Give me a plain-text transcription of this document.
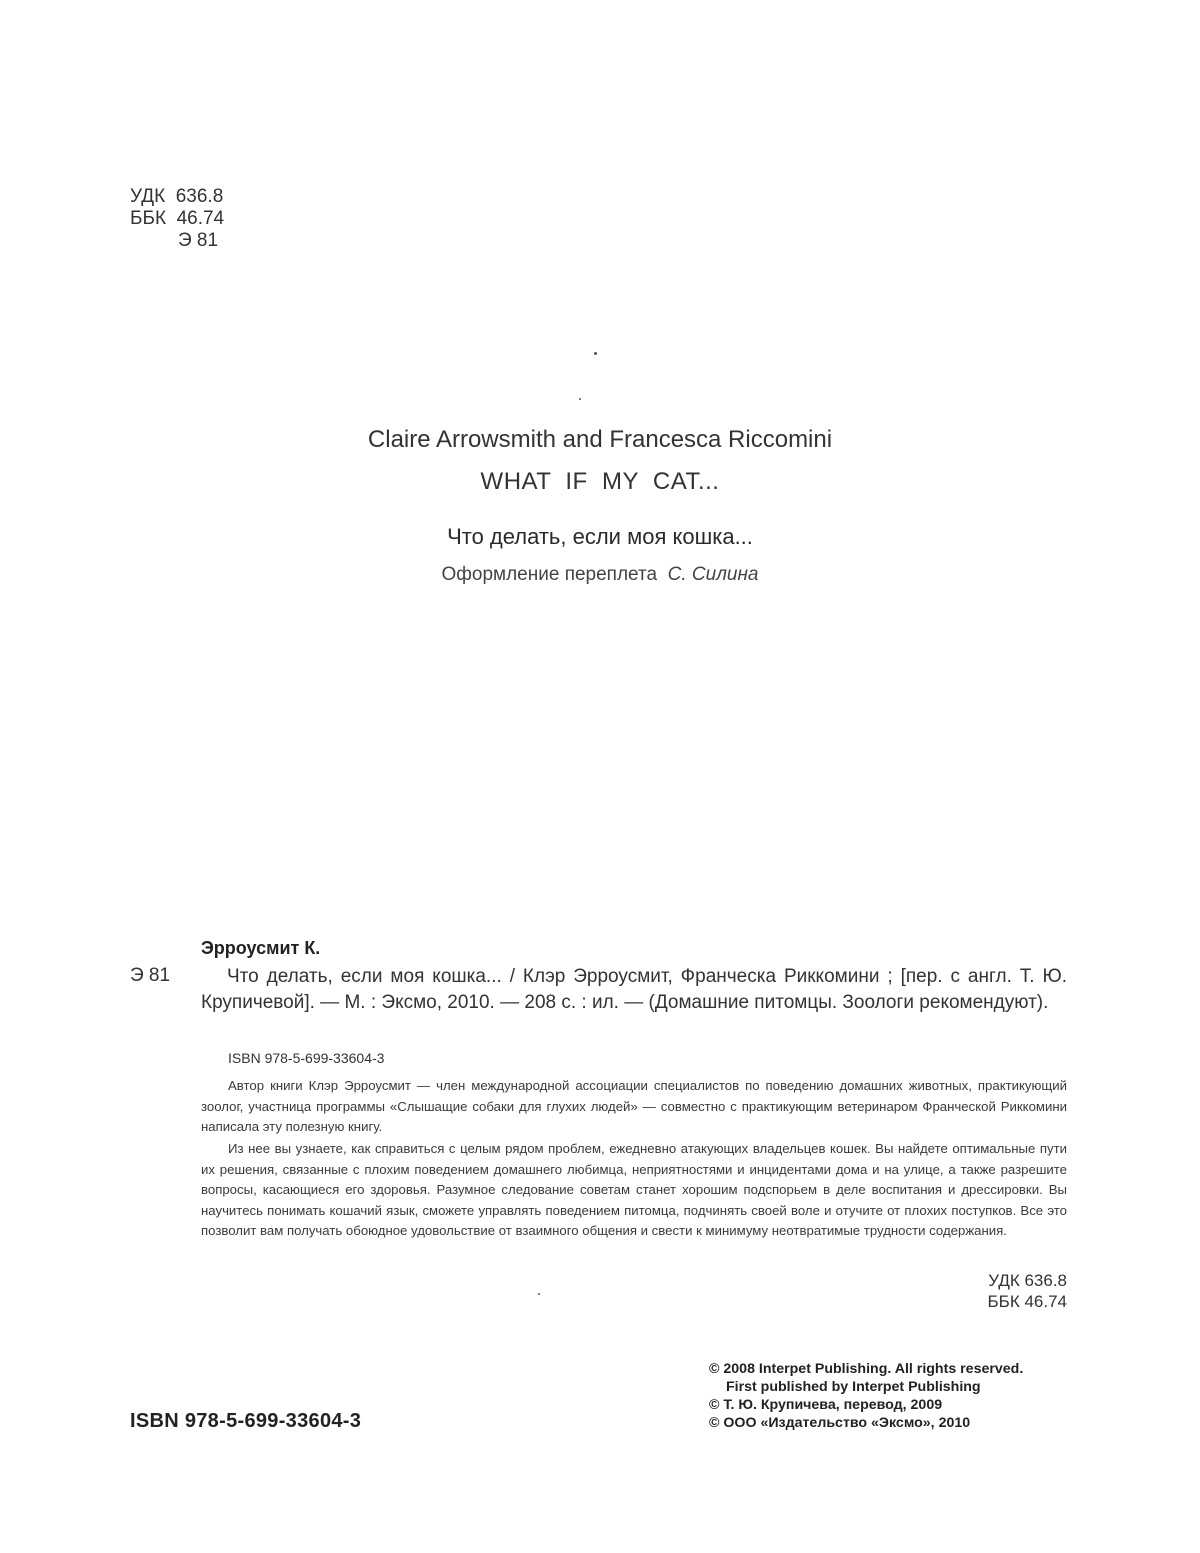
УДК  636.8
ББК  46.74
Э 81
Claire Arrowsmith and Francesca Riccomini
WHAT  IF  MY  CAT...
Что делать, если моя кошка...
Оформление переплета С. Силина
Эрроусмит К.
Э 81	Что делать, если моя кошка... / Клэр Эрроусмит, Франческа Риккомини ; [пер. с англ. Т. Ю. Крупичевой]. — М. : Эксмо, 2010. — 208 с. : ил. — (Домашние питомцы. Зоологи рекомендуют).
ISBN 978-5-699-33604-3
Автор книги Клэр Эрроусмит — член международной ассоциации специалистов по поведению домашних животных, практикующий зоолог, участница программы «Слышащие собаки для глухих людей» — совместно с практикующим ветеринаром Франческой Риккомини написала эту полезную книгу.
Из нее вы узнаете, как справиться с целым рядом проблем, ежедневно атакующих владельцев кошек. Вы найдете оптимальные пути их решения, связанные с плохим поведением домашнего любимца, неприятностями и инцидентами дома и на улице, а также разрешите вопросы, касающиеся его здоровья. Разумное следование советам станет хорошим подспорьем в деле воспитания и дрессировки. Вы научитесь понимать кошачий язык, сможете управлять поведением питомца, подчинять своей воле и отучите от плохих поступков. Все это позволит вам получать обоюдное удовольствие от взаимного общения и свести к минимуму неотвратимые трудности содержания.
УДК 636.8
ББК 46.74
© 2008 Interpet Publishing. All rights reserved.
First published by Interpet Publishing
© Т. Ю. Крупичева, перевод, 2009
© ООО «Издательство «Эксмо», 2010
ISBN 978-5-699-33604-3
